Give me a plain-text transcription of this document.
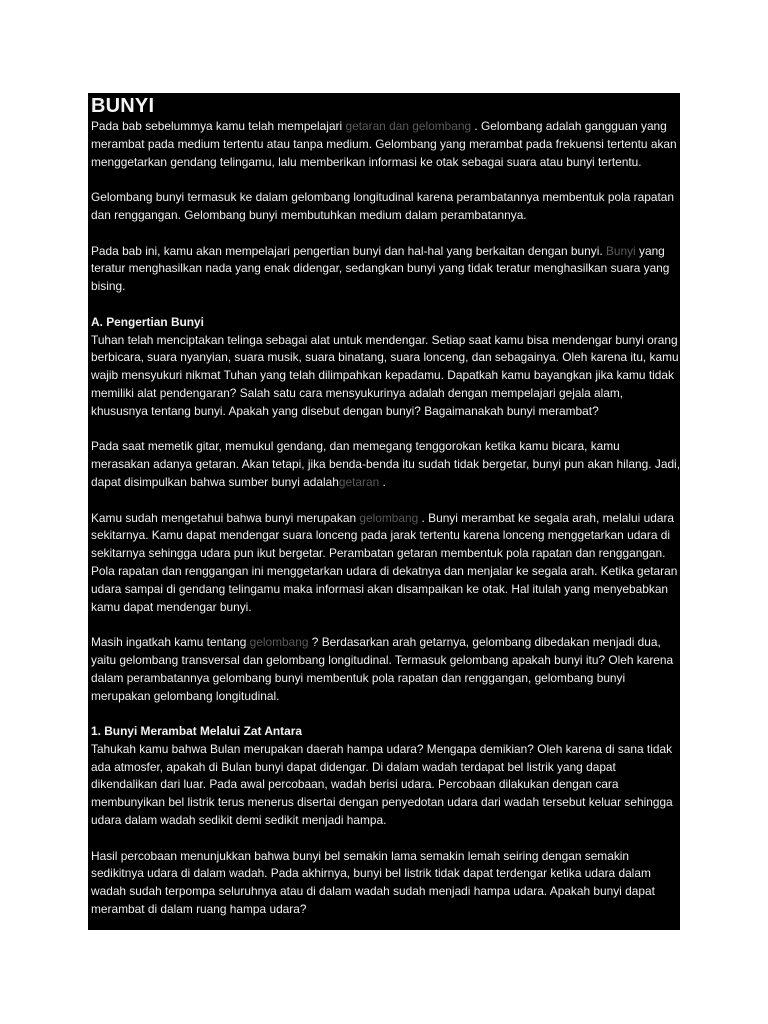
BUNYI

Pada bab sebelummya kamu telah mempelajari getaran dan gelombang . Gelombang adalah gangguan yang merambat pada medium tertentu atau tanpa medium. Gelombang yang merambat pada frekuensi tertentu akan menggetarkan gendang telingamu, lalu memberikan informasi ke otak sebagai suara atau bunyi tertentu.

Gelombang bunyi termasuk ke dalam gelombang longitudinal karena perambatannya membentuk pola rapatan dan renggangan. Gelombang bunyi membutuhkan medium dalam perambatannya.

Pada bab ini, kamu akan mempelajari pengertian bunyi dan hal-hal yang berkaitan dengan bunyi. Bunyi yang teratur menghasilkan nada yang enak didengar, sedangkan bunyi yang tidak teratur menghasilkan suara yang bising.

A. Pengertian Bunyi

Tuhan telah menciptakan telinga sebagai alat untuk mendengar. Setiap saat kamu bisa mendengar bunyi orang berbicara, suara nyanyian, suara musik, suara binatang, suara lonceng, dan sebagainya. Oleh karena itu, kamu wajib mensyukuri nikmat Tuhan yang telah dilimpahkan kepadamu. Dapatkah kamu bayangkan jika kamu tidak memiliki alat pendengaran? Salah satu cara mensyukurinya adalah dengan mempelajari gejala alam, khususnya tentang bunyi. Apakah yang disebut dengan bunyi? Bagaimanakah bunyi merambat?

Pada saat memetik gitar, memukul gendang, dan memegang tenggorokan ketika kamu bicara, kamu merasakan adanya getaran. Akan tetapi, jika benda-benda itu sudah tidak bergetar, bunyi pun akan hilang. Jadi, dapat disimpulkan bahwa sumber bunyi adalahgetaran .

Kamu sudah mengetahui bahwa bunyi merupakan gelombang . Bunyi merambat ke segala arah, melalui udara sekitarnya. Kamu dapat mendengar suara lonceng pada jarak tertentu karena lonceng menggetarkan udara di sekitarnya sehingga udara pun ikut bergetar. Perambatan getaran membentuk pola rapatan dan renggangan. Pola rapatan dan renggangan ini menggetarkan udara di dekatnya dan menjalar ke segala arah. Ketika getaran udara sampai di gendang telingamu maka informasi akan disampaikan ke otak. Hal itulah yang menyebabkan kamu dapat mendengar bunyi.

Masih ingatkah kamu tentang gelombang ? Berdasarkan arah getarnya, gelombang dibedakan menjadi dua, yaitu gelombang transversal dan gelombang longitudinal. Termasuk gelombang apakah bunyi itu? Oleh karena dalam perambatannya gelombang bunyi membentuk pola rapatan dan renggangan, gelombang bunyi merupakan gelombang longitudinal.

1. Bunyi Merambat Melalui Zat Antara

Tahukah kamu bahwa Bulan merupakan daerah hampa udara? Mengapa demikian? Oleh karena di sana tidak ada atmosfer, apakah di Bulan bunyi dapat didengar. Di dalam wadah terdapat bel listrik yang dapat dikendalikan dari luar. Pada awal percobaan, wadah berisi udara. Percobaan dilakukan dengan cara membunyikan bel listrik terus menerus disertai dengan penyedotan udara dari wadah tersebut keluar sehingga udara dalam wadah sedikit demi sedikit menjadi hampa.

Hasil percobaan menunjukkan bahwa bunyi bel semakin lama semakin lemah seiring dengan semakin sedikitnya udara di dalam wadah. Pada akhirnya, bunyi bel listrik tidak dapat terdengar ketika udara dalam wadah sudah terpompa seluruhnya atau di dalam wadah sudah menjadi hampa udara. Apakah bunyi dapat merambat di dalam ruang hampa udara?
